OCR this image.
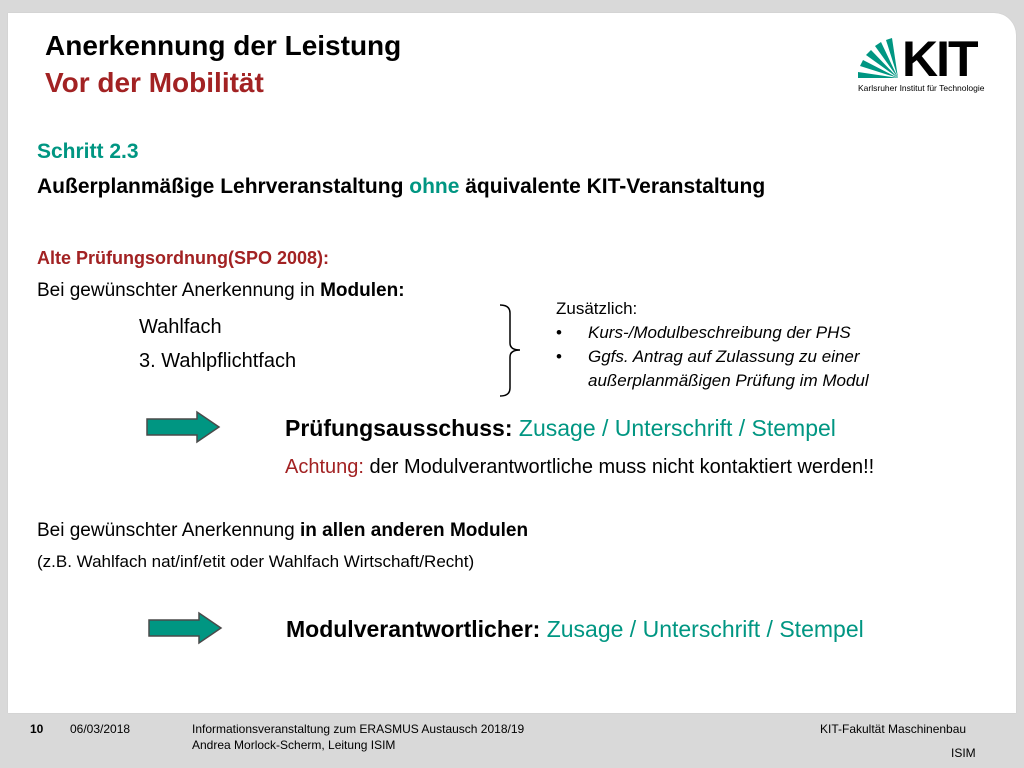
Anerkennung der Leistung
Vor der Mobilität	KIT
Karlsruher Institut für Technologie
Schritt 2.3
Außerplanmäßige Lehrveranstaltung ohne äquivalente KIT-Veranstaltung
Alte Prüfungsordnung(SPO 2008):
Bei gewünschter Anerkennung in Modulen:
Wahlfach
3. Wahlpflichtfach
Zusätzlich:
• Kurs-/Modulbeschreibung der PHS
• Ggfs. Antrag auf Zulassung zu einer
außerplanmäßigen Prüfung im Modul
Prüfungsausschuss: Zusage / Unterschrift / Stempel
Achtung: der Modulverantwortliche muss nicht kontaktiert werden!!
Bei gewünschter Anerkennung in allen anderen Modulen
(z.B. Wahlfach nat/inf/etit oder Wahlfach Wirtschaft/Recht)
Modulverantwortlicher: Zusage / Unterschrift / Stempel
10 06/03/2018	Informationsveranstaltung zum ERASMUS Austausch 2018/19
Andrea Morlock-Scherm, Leitung ISIM
KIT-Fakultät Maschinenbau
ISIM
